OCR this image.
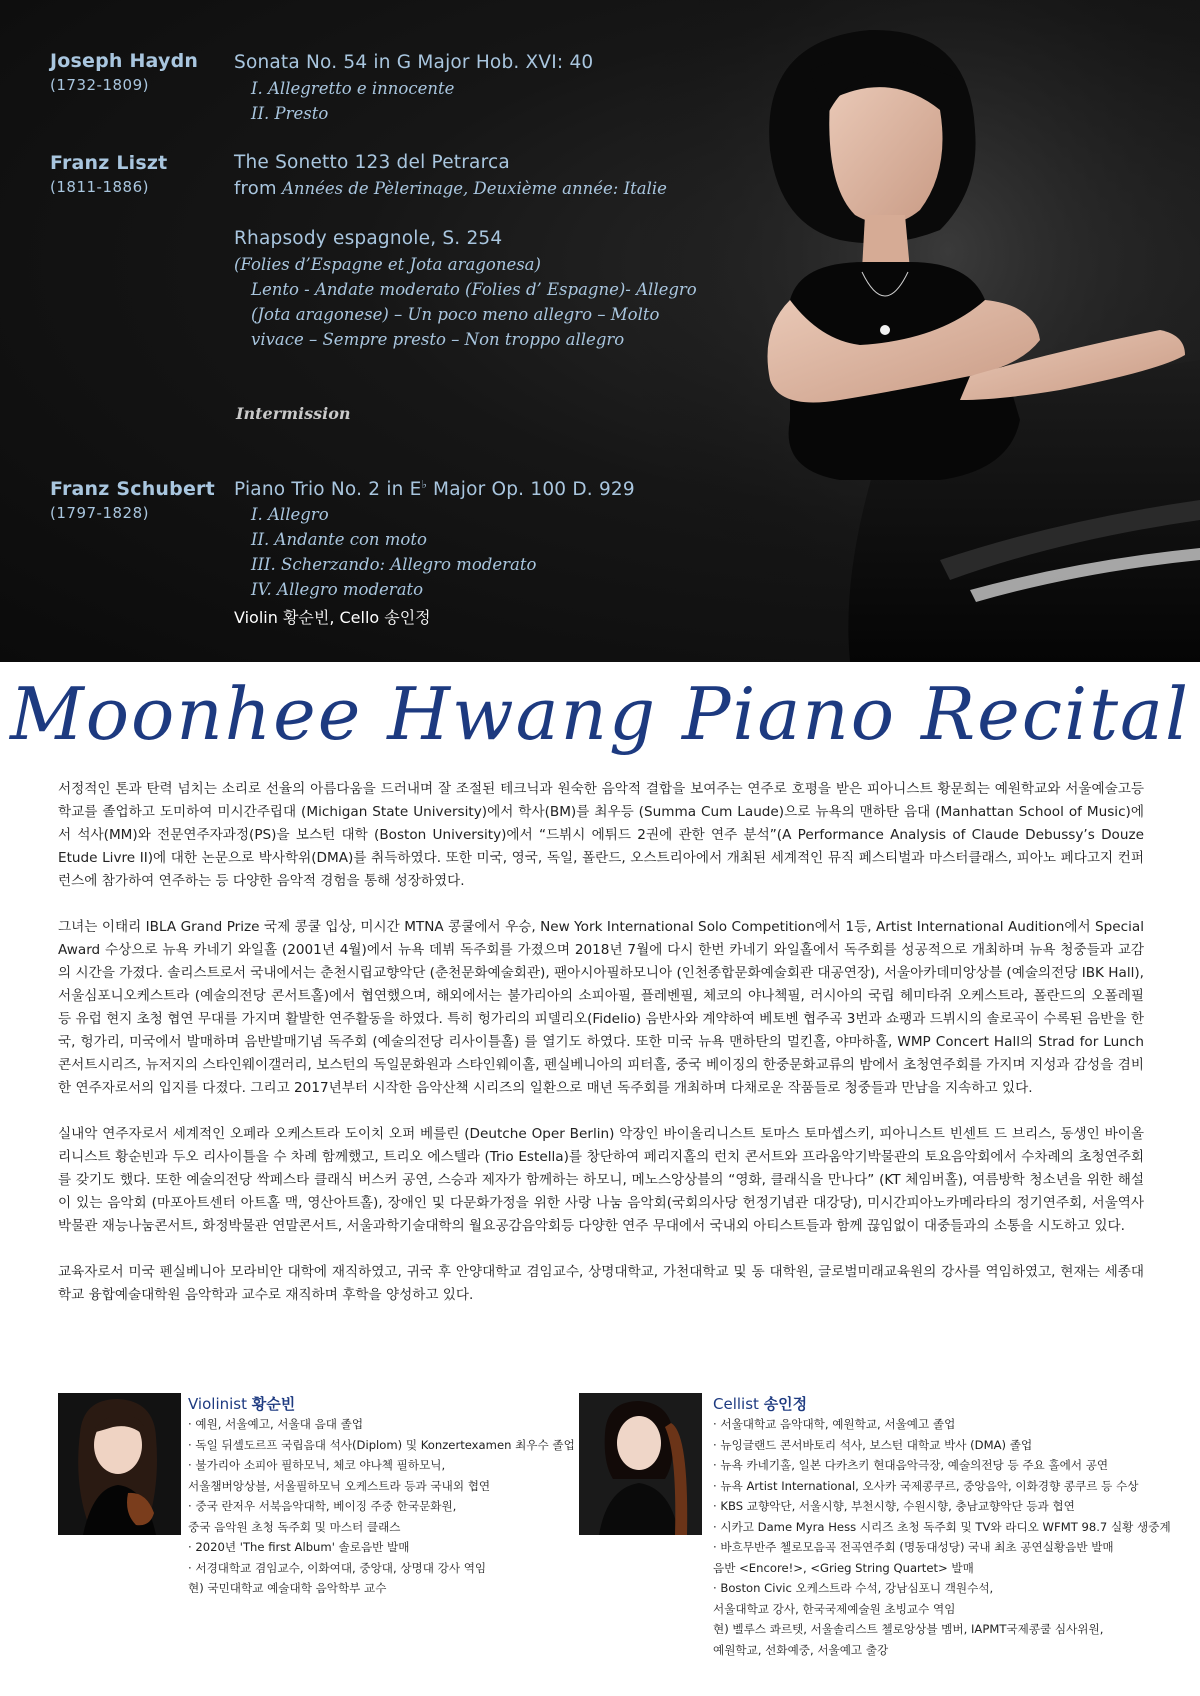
Joseph Haydn
(1732-1809)
Sonata No. 54 in G Major Hob. XVI: 40
I. Allegretto e innocente
II. Presto
Franz Liszt
(1811-1886)
The Sonetto 123 del Petrarca
from Années de Pèlerinage, Deuxième année: Italie
Rhapsody espagnole, S. 254
(Folies d’Espagne et Jota aragonesa)
Lento - Andate moderato (Folies d’ Espagne)- Allegro
(Jota aragonese) – Un poco meno allegro – Molto
vivace – Sempre presto – Non troppo allegro
Intermission
Franz Schubert
(1797-1828)
Piano Trio No. 2 in E♭ Major Op. 100 D. 929
I. Allegro
II. Andante con moto
III. Scherzando: Allegro moderato
IV. Allegro moderato
Violin 황순빈, Cello 송인정
Moonhee Hwang Piano Recital

서정적인 톤과 탄력 넘치는 소리로 선율의 아름다움을 드러내며 잘 조절된 테크닉과 원숙한 음악적 결합을 보여주는 연주로 호평을 받은 피아니스트 황문희는 예원학교와 서울예술고등학교를 졸업하고 도미하여 미시간주립대 (Michigan State University)에서 학사(BM)를 최우등 (Summa Cum Laude)으로 뉴욕의 맨하탄 음대 (Manhattan School of Music)에서 석사(MM)와 전문연주자과정(PS)을 보스턴 대학 (Boston University)에서 “드뷔시 에튀드 2권에 관한 연주 분석”(A Performance Analysis of Claude Debussy’s Douze Etude Livre II)에 대한 논문으로 박사학위(DMA)를 취득하였다. 또한 미국, 영국, 독일, 폴란드, 오스트리아에서 개최된 세계적인 뮤직 페스티벌과 마스터클래스, 피아노 페다고지 컨퍼런스에 참가하여 연주하는 등 다양한 음악적 경험을 통해 성장하였다.

그녀는 이태리 IBLA Grand Prize 국제 콩쿨 입상, 미시간 MTNA 콩쿨에서 우승, New York International Solo Competition에서 1등, Artist International Audition에서 Special Award 수상으로 뉴욕 카네기 와일홀 (2001년 4월)에서 뉴욕 데뷔 독주회를 가졌으며 2018년 7월에 다시 한번 카네기 와일홀에서 독주회를 성공적으로 개최하며 뉴욕 청중들과 교감의 시간을 가졌다. 솔리스트로서 국내에서는 춘천시립교향악단 (춘천문화예술회관), 팬아시아필하모니아 (인천종합문화예술회관 대공연장), 서울아카데미앙상블 (예술의전당 IBK Hall), 서울심포니오케스트라 (예술의전당 콘서트홀)에서 협연했으며, 해외에서는 불가리아의 소피아필, 플레벤필, 체코의 야나첵필, 러시아의 국립 헤미타쥐 오케스트라, 폴란드의 오폴레필 등 유럽 현지 초청 협연 무대를 가지며 활발한 연주활동을 하였다. 특히 헝가리의 피델리오(Fidelio) 음반사와 계약하여 베토벤 협주곡 3번과 쇼팽과 드뷔시의 솔로곡이 수록된 음반을 한국, 헝가리, 미국에서 발매하며 음반발매기념 독주회 (예술의전당 리사이틀홀) 를 열기도 하였다. 또한 미국 뉴욕 맨하탄의 멀킨홀, 야마하홀, WMP Concert Hall의 Strad for Lunch 콘서트시리즈, 뉴저지의 스타인웨이갤러리, 보스턴의 독일문화원과 스타인웨이홀, 펜실베니아의 피터홀, 중국 베이징의 한중문화교류의 밤에서 초청연주회를 가지며 지성과 감성을 겸비한 연주자로서의 입지를 다졌다. 그리고 2017년부터 시작한 음악산책 시리즈의 일환으로 매년 독주회를 개최하며 다채로운 작품들로 청중들과 만남을 지속하고 있다.

실내악 연주자로서 세계적인 오페라 오케스트라 도이치 오퍼 베를린 (Deutche Oper Berlin) 악장인 바이올리니스트 토마스 토마셉스키, 피아니스트 빈센트 드 브리스, 동생인 바이올리니스트 황순빈과 두오 리사이틀을 수 차례 함께했고, 트리오 에스텔라 (Trio Estella)를 창단하여 페리지홀의 런치 콘서트와 프라움악기박물관의 토요음악회에서 수차례의 초청연주회를 갖기도 했다. 또한 예술의전당 싹페스타 클래식 버스커 공연, 스승과 제자가 함께하는 하모니, 메노스앙상블의 “영화, 클래식을 만나다” (KT 체임버홀), 여름방학 청소년을 위한 해설이 있는 음악회 (마포아트센터 아트홀 맥, 영산아트홀), 장애인 및 다문화가정을 위한 사랑 나눔 음악회(국회의사당 헌정기념관 대강당), 미시간피아노카메라타의 정기연주회, 서울역사박물관 재능나눔콘서트, 화정박물관 연말콘서트, 서울과학기술대학의 월요공감음악회등 다양한 연주 무대에서 국내외 아티스트들과 함께 끊임없이 대중들과의 소통을 시도하고 있다.

교육자로서 미국 펜실베니아 모라비안 대학에 재직하였고, 귀국 후 안양대학교 겸임교수, 상명대학교, 가천대학교 및 동 대학원, 글로벌미래교육원의 강사를 역임하였고, 현재는 세종대학교 융합예술대학원 음악학과 교수로 재직하며 후학을 양성하고 있다.

Violinist 황순빈
· 예원, 서울예고, 서울대 음대 졸업
· 독일 뒤셀도르프 국립음대 석사(Diplom) 및 Konzertexamen 최우수 졸업
· 불가리아 소피아 필하모닉, 체코 야나첵 필하모닉,
서울챔버앙상블, 서울필하모닉 오케스트라 등과 국내외 협연
· 중국 란저우 서북음악대학, 베이징 주중 한국문화원,
중국 음악원 초청 독주회 및 마스터 클래스
· 2020년 'The first Album' 솔로음반 발매
· 서경대학교 겸임교수, 이화여대, 중앙대, 상명대 강사 역임
현) 국민대학교 예술대학 음악학부 교수
Cellist 송인정
· 서울대학교 음악대학, 예원학교, 서울예고 졸업
· 뉴잉글랜드 콘서바토리 석사, 보스턴 대학교 박사 (DMA) 졸업
· 뉴욕 카네기홀, 일본 다카츠키 현대음악극장, 예술의전당 등 주요 홀에서 공연
· 뉴욕 Artist International, 오사카 국제콩쿠르, 중앙음악, 이화경향 콩쿠르 등 수상
· KBS 교향악단, 서울시향, 부천시향, 수원시향, 충남교향악단 등과 협연
· 시카고 Dame Myra Hess 시리즈 초청 독주회 및 TV와 라디오 WFMT 98.7 실황 생중계
· 바흐무반주 첼로모음곡 전곡연주회 (명동대성당) 국내 최초 공연실황음반 발매
음반 <Encore!>, <Grieg String Quartet> 발매
· Boston Civic 오케스트라 수석, 강남심포니 객원수석,
서울대학교 강사, 한국국제예술원 초빙교수 역임
현) 벨루스 콰르텟, 서울솔리스트 첼로앙상블 멤버, IAPMT국제콩쿨 심사위원,
예원학교, 선화예중, 서울예고 출강
